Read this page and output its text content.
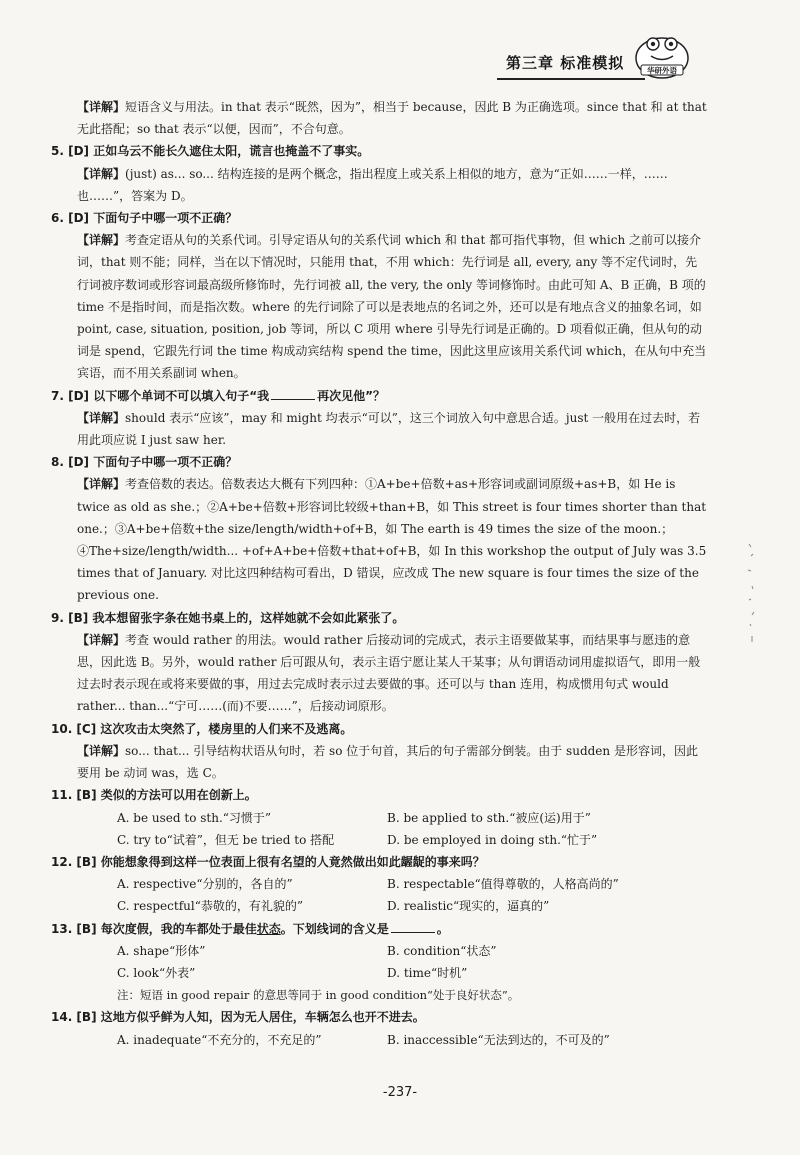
第三章 标准模拟	华研外语
【详解】短语含义与用法。in that 表示“既然，因为”，相当于 because，因此 B 为正确选项。since that 和 at that 无此搭配；so that 表示“以便，因而”，不合句意。
5. [D] 正如乌云不能长久遮住太阳，谎言也掩盖不了事实。
【详解】(just) as... so... 结构连接的是两个概念，指出程度上或关系上相似的地方，意为“正如……一样，……也……”，答案为 D。
6. [D] 下面句子中哪一项不正确？
【详解】考查定语从句的关系代词。引导定语从句的关系代词 which 和 that 都可指代事物，但 which 之前可以接介词，that 则不能；同样，当在以下情况时，只能用 that，不用 which：先行词是 all, every, any 等不定代词时，先行词被序数词或形容词最高级所修饰时，先行词被 all, the very, the only 等词修饰时。由此可知 A、B 正确，B 项的 time 不是指时间，而是指次数。where 的先行词除了可以是表地点的名词之外，还可以是有地点含义的抽象名词，如 point, case, situation, position, job 等词，所以 C 项用 where 引导先行词是正确的。D 项看似正确，但从句的动词是 spend，它跟先行词 the time 构成动宾结构 spend the time，因此这里应该用关系代词 which，在从句中充当宾语，而不用关系副词 when。
7. [D] 以下哪个单词不可以填入句子“我	再次见他”？
【详解】should 表示“应该”，may 和 might 均表示“可以”，这三个词放入句中意思合适。just 一般用在过去时，若用此项应说 I just saw her.
8. [D] 下面句子中哪一项不正确？
【详解】考查倍数的表达。倍数表达大概有下列四种：①A+be+倍数+as+形容词或副词原级+as+B，如 He is twice as old as she.；②A+be+倍数+形容词比较级+than+B，如 This street is four times shorter than that one.；③A+be+倍数+the size/length/width+of+B，如 The earth is 49 times the size of the moon.；④The+size/length/width... +of+A+be+倍数+that+of+B，如 In this workshop the output of July was 3.5 times that of January. 对比这四种结构可看出，D 错误，应改成 The new square is four times the size of the previous one.
9. [B] 我本想留张字条在她书桌上的，这样她就不会如此紧张了。
【详解】考查 would rather 的用法。would rather 后接动词的完成式，表示主语要做某事，而结果事与愿违的意思，因此选 B。另外，would rather 后可跟从句，表示主语宁愿让某人干某事；从句谓语动词用虚拟语气，即用一般过去时表示现在或将来要做的事，用过去完成时表示过去要做的事。还可以与 than 连用，构成惯用句式 would rather... than...“宁可……(而)不要……”，后接动词原形。
10. [C] 这次攻击太突然了，楼房里的人们来不及逃离。
【详解】so... that... 引导结构状语从句时，若 so 位于句首，其后的句子需部分倒装。由于 sudden 是形容词，因此要用 be 动词 was，选 C。
11. [B] 类似的方法可以用在创新上。
A. be used to sth.“习惯于”	B. be applied to sth.“被应(运)用于”
C. try to“试着”，但无 be tried to 搭配	D. be employed in doing sth.“忙于”
12. [B] 你能想象得到这样一位表面上很有名望的人竟然做出如此龌龊的事来吗？
A. respective“分别的，各自的”	B. respectable“值得尊敬的，人格高尚的”
C. respectful“恭敬的，有礼貌的”	D. realistic“现实的，逼真的”
13. [B] 每次度假，我的车都处于最佳状态。下划线词的含义是	。
A. shape“形体”	B. condition“状态”
C. look“外表”	D. time“时机”
注：短语 in good repair 的意思等同于 in good condition“处于良好状态”。
14. [B] 这地方似乎鲜为人知，因为无人居住，车辆怎么也开不进去。
A. inadequate“不充分的，不充足的”	B. inaccessible“无法到达的，不可及的”
-237-
